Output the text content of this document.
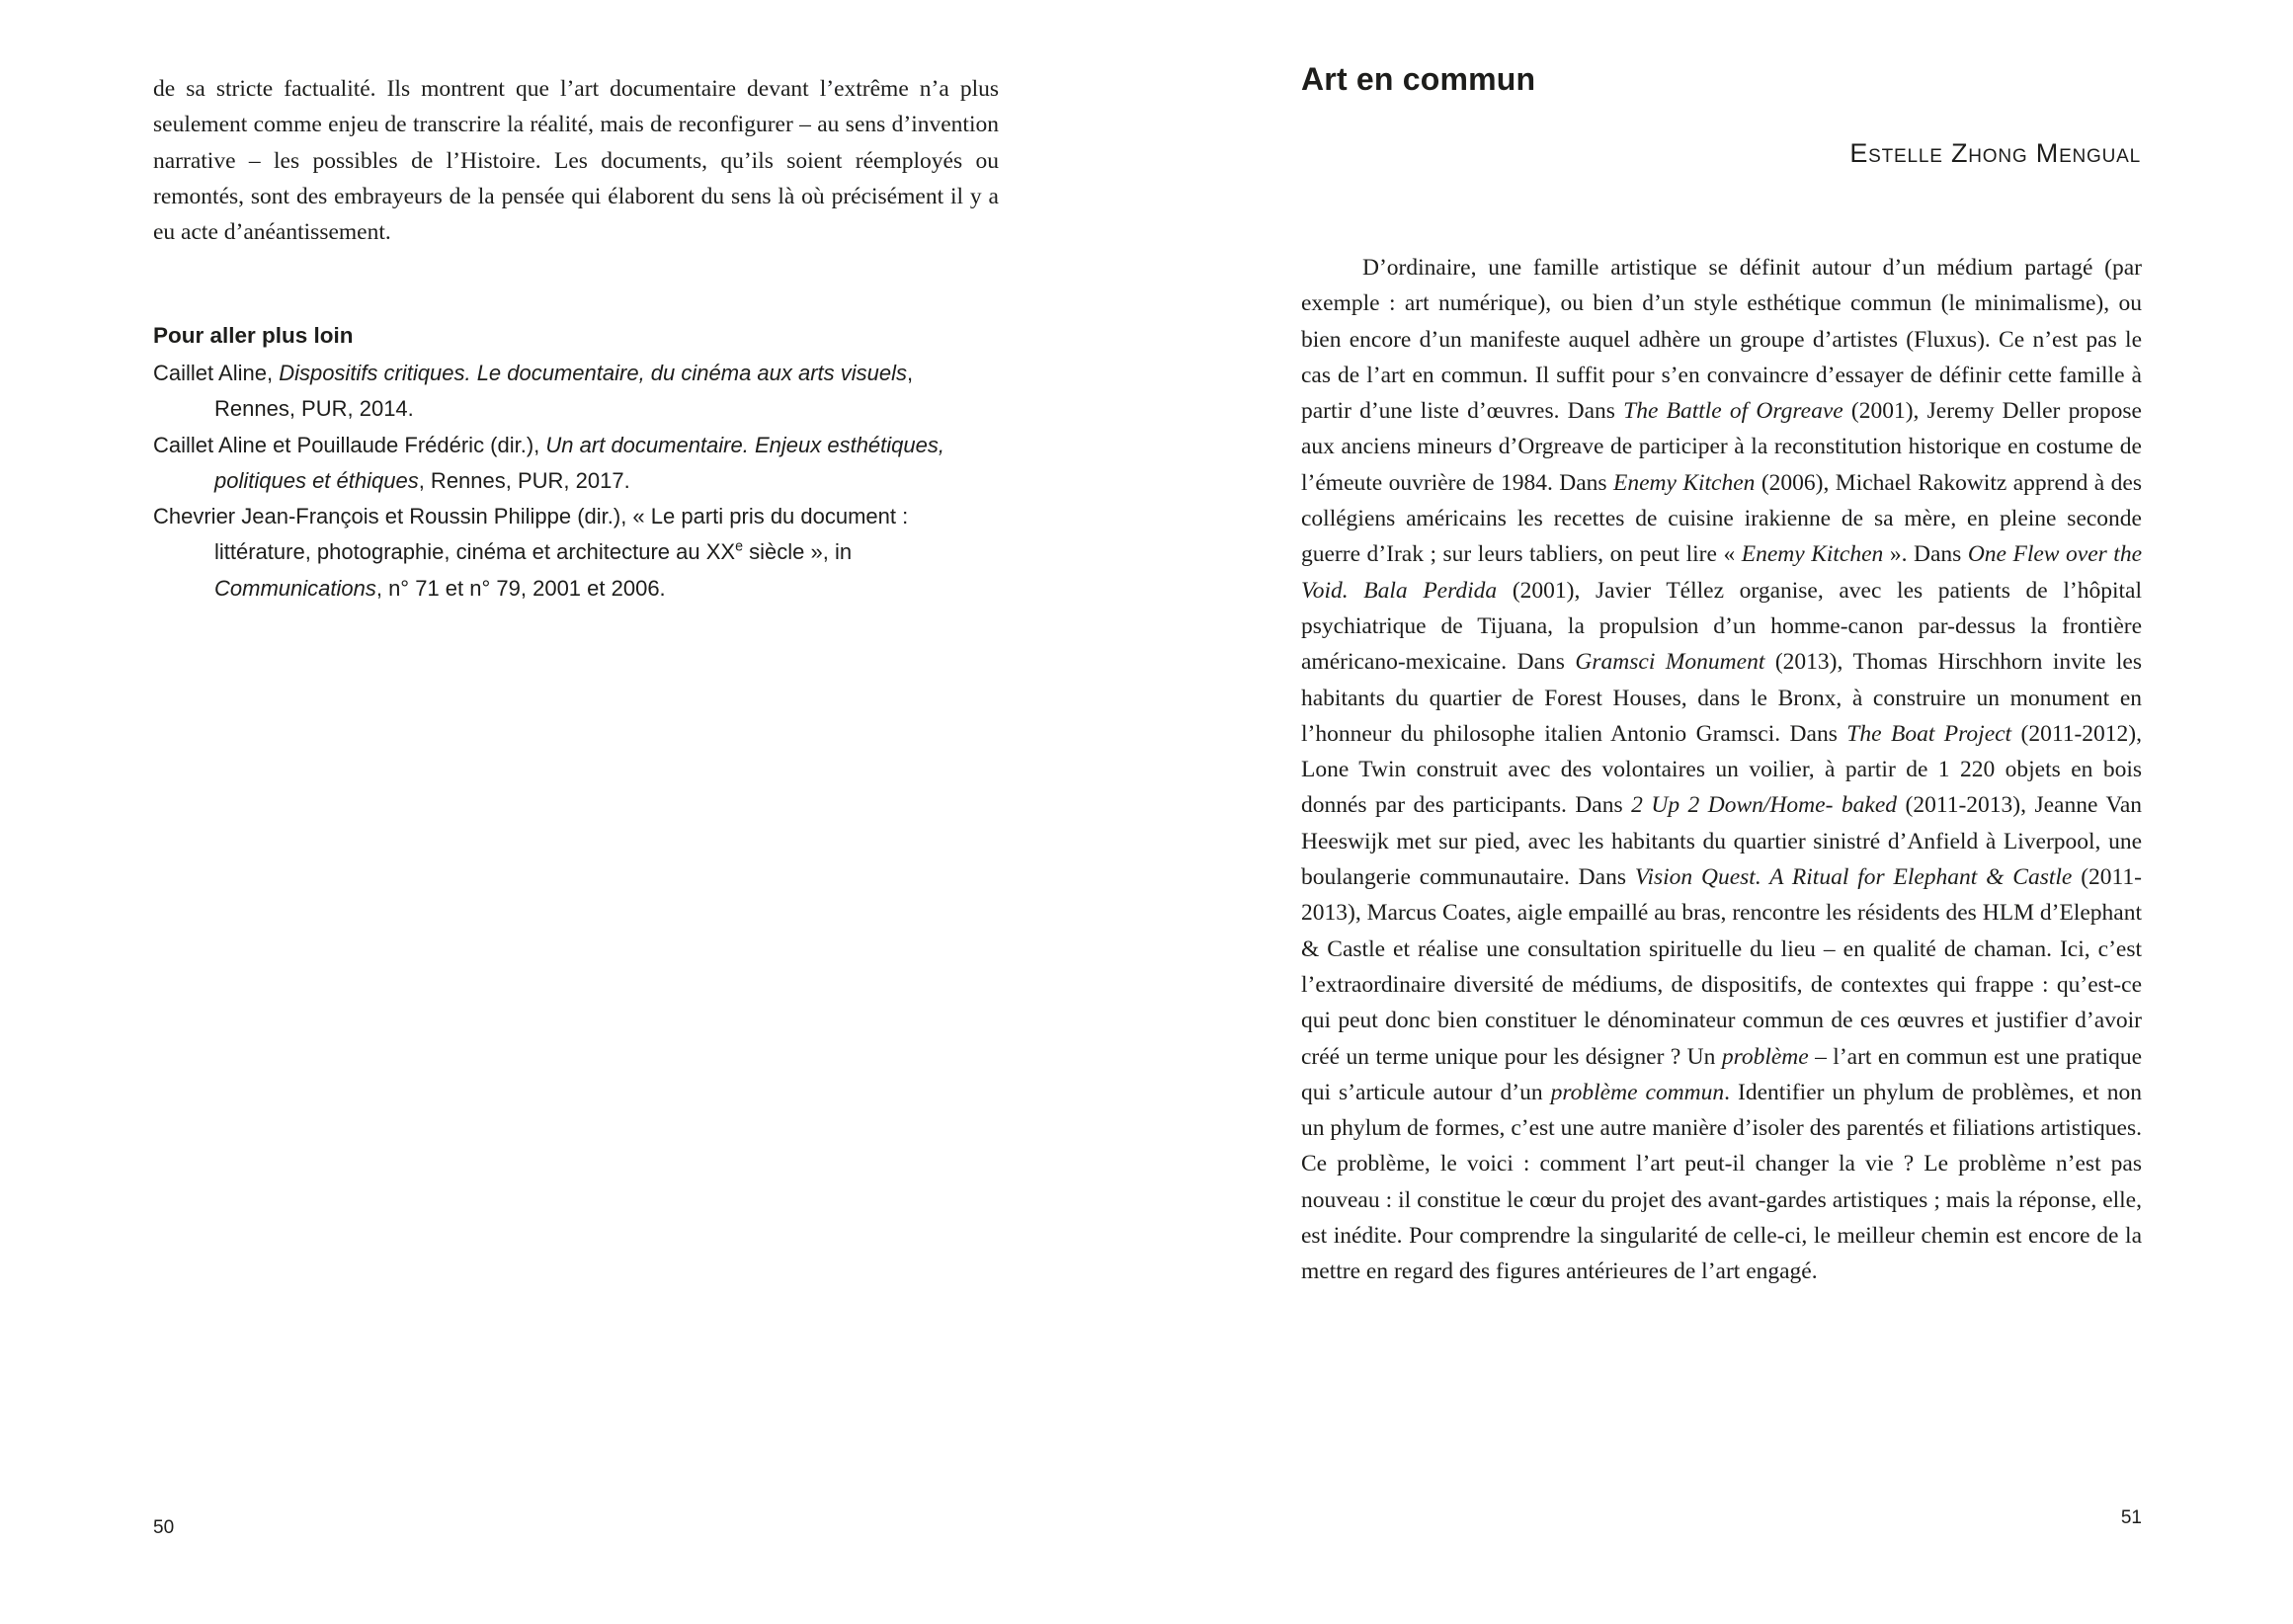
de sa stricte factualité. Ils montrent que l’art documentaire devant l’extrême n’a plus seulement comme enjeu de transcrire la réalité, mais de reconfigurer – au sens d’invention narrative – les possibles de l’Histoire. Les documents, qu’ils soient réemployés ou remontés, sont des embrayeurs de la pensée qui élaborent du sens là où précisément il y a eu acte d’anéantissement.

Pour aller plus loin

Caillet Aline, Dispositifs critiques. Le documentaire, du cinéma aux arts visuels, Rennes, PUR, 2014.

Caillet Aline et Pouillaude Frédéric (dir.), Un art documentaire. Enjeux esthétiques, politiques et éthiques, Rennes, PUR, 2017.

Chevrier Jean-François et Roussin Philippe (dir.), « Le parti pris du document : littérature, photographie, cinéma et architecture au XXe siècle », in Communications, n° 71 et n° 79, 2001 et 2006.

50
Art en commun
Estelle Zhong Mengual

D’ordinaire, une famille artistique se définit autour d’un médium partagé (par exemple : art numérique), ou bien d’un style esthétique commun (le minimalisme), ou bien encore d’un manifeste auquel adhère un groupe d’artistes (Fluxus). Ce n’est pas le cas de l’art en commun. Il suffit pour s’en convaincre d’essayer de définir cette famille à partir d’une liste d’œuvres. Dans The Battle of Orgreave (2001), Jeremy Deller propose aux anciens mineurs d’Orgreave de participer à la reconstitution historique en costume de l’émeute ouvrière de 1984. Dans Enemy Kitchen (2006), Michael Rakowitz apprend à des collégiens américains les recettes de cuisine irakienne de sa mère, en pleine seconde guerre d’Irak ; sur leurs tabliers, on peut lire « Enemy Kitchen ». Dans One Flew over the Void. Bala Perdida (2001), Javier Téllez organise, avec les patients de l’hôpital psychiatrique de Tijuana, la propulsion d’un homme-canon par-dessus la frontière américano-mexicaine. Dans Gramsci Monument (2013), Thomas Hirschhorn invite les habitants du quartier de Forest Houses, dans le Bronx, à construire un monument en l’honneur du philosophe italien Antonio Gramsci. Dans The Boat Project (2011-2012), Lone Twin construit avec des volontaires un voilier, à partir de 1 220 objets en bois donnés par des participants. Dans 2 Up 2 Down/Home- baked (2011-2013), Jeanne Van Heeswijk met sur pied, avec les habitants du quartier sinistré d’Anfield à Liverpool, une boulangerie communautaire. Dans Vision Quest. A Ritual for Elephant & Castle (2011-2013), Marcus Coates, aigle empaillé au bras, rencontre les résidents des HLM d’Elephant & Castle et réalise une consultation spirituelle du lieu – en qualité de chaman. Ici, c’est l’extraordinaire diversité de médiums, de dispositifs, de contextes qui frappe : qu’est-ce qui peut donc bien constituer le dénominateur commun de ces œuvres et justifier d’avoir créé un terme unique pour les désigner ? Un problème – l’art en commun est une pratique qui s’articule autour d’un problème commun. Identifier un phylum de problèmes, et non un phylum de formes, c’est une autre manière d’isoler des parentés et filiations artistiques. Ce problème, le voici : comment l’art peut-il changer la vie ? Le problème n’est pas nouveau : il constitue le cœur du projet des avant-gardes artistiques ; mais la réponse, elle, est inédite. Pour comprendre la singularité de celle-ci, le meilleur chemin est encore de la mettre en regard des figures antérieures de l’art engagé.

51
